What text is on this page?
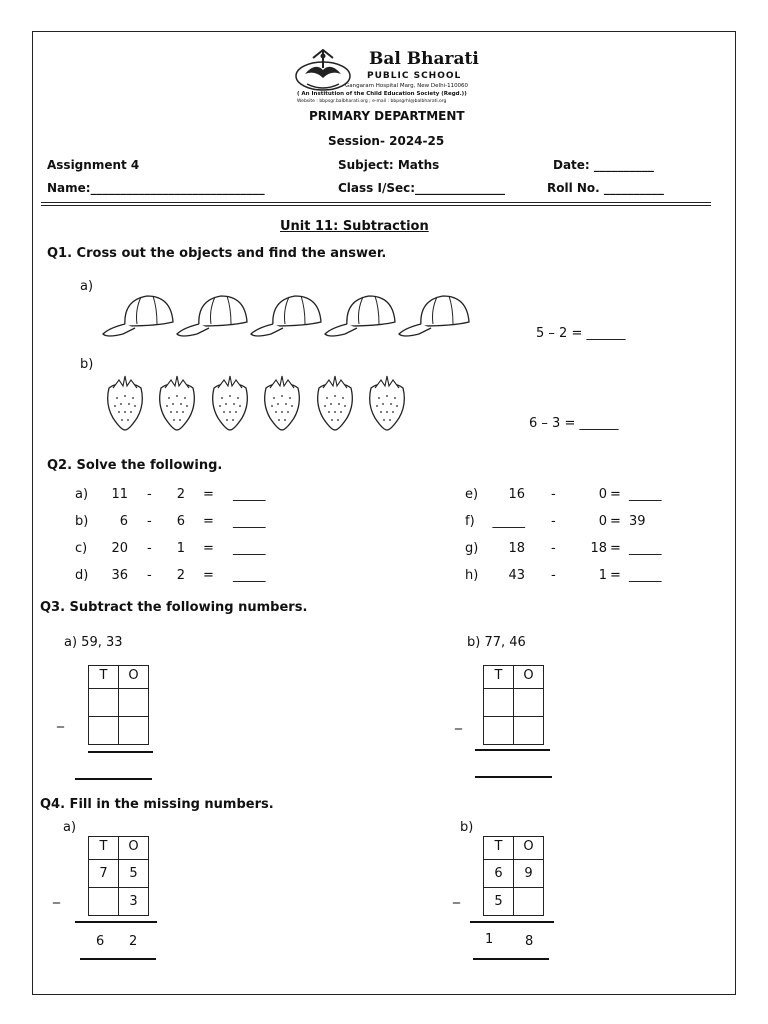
Bal Bharati
PUBLIC SCHOOL
Gangaram Hospital Marg, New Delhi-110060
( An Institution of the Child Education Society (Regd.))
Website : bbpsgr.balbharati.org ; e-mail : bbpsgrhl@balbharati.org
PRIMARY DEPARTMENT
Session- 2024-25
Assignment 4	Subject: Maths	Date: __________
Name:_____________________________	Class I/Sec:_______________	Roll No. __________
Unit 11: Subtraction
Q1. Cross out the objects and find the answer.
a)
5 – 2 = ______
b)
6 – 3 = ______
Q2. Solve the following.
Q3. Subtract the following numbers.
a) 59, 33	b) 77, 46
T	O

_
T	O

_
Q4. Fill in the missing numbers.
a)	b)
T	O

7	5
	3
_
6 2
T	O

6	9
5	
_
1 8
a)	11 -	2 = _____
b)	6 -	6 = _____
c)	20 -	1 = _____
d)	36 -	2 = _____
e)	16 -	0 = _____
f)	_____ -	0 = 39
g)	18 -	18 = _____
h)	43 -	1 = _____
